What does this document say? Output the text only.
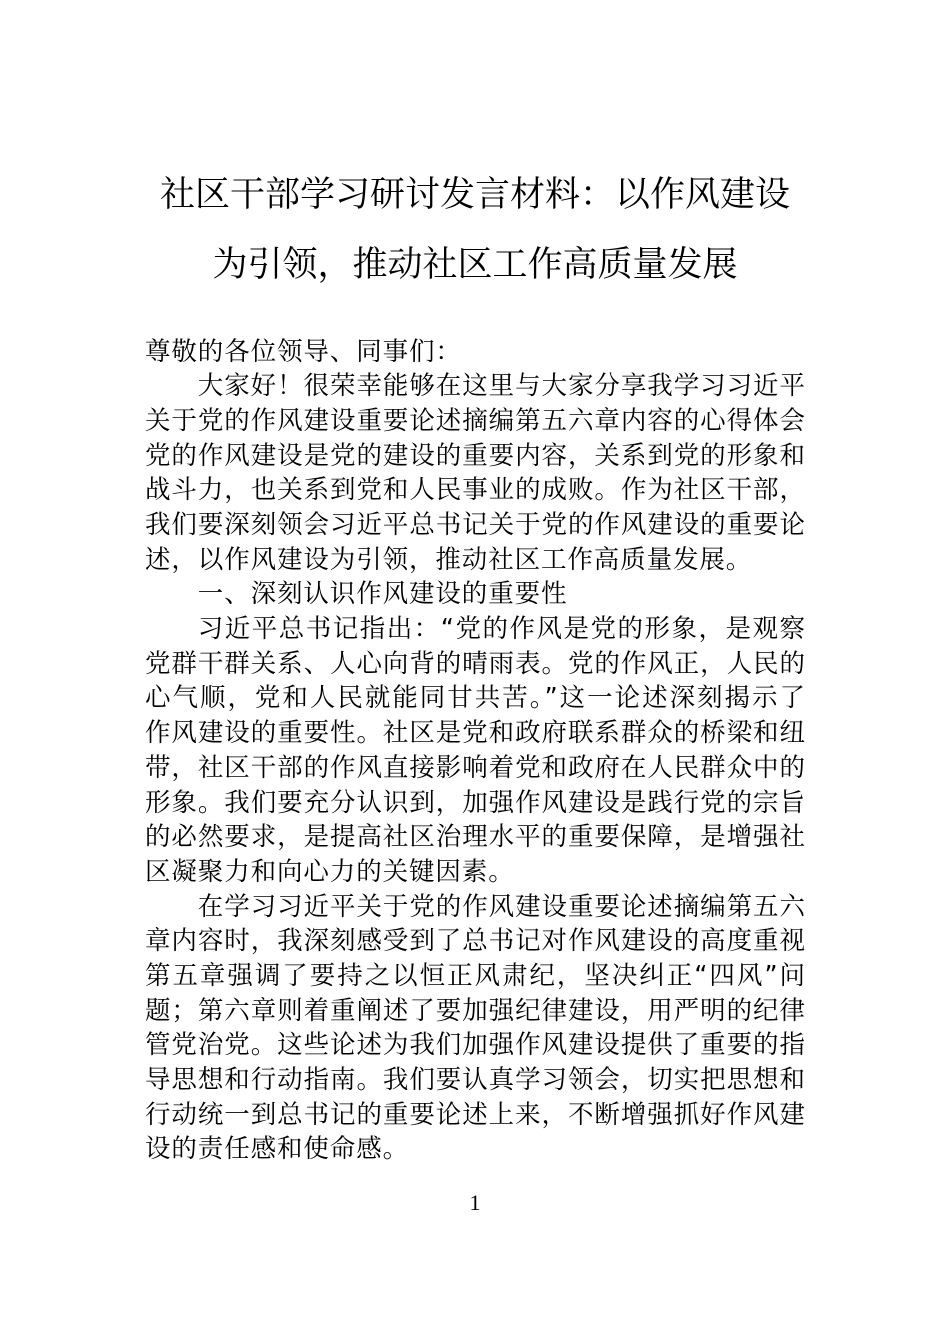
社区干部学习研讨发言材料：以作风建设
为引领，推动社区工作高质量发展
尊敬的各位领导、同事们：
大家好！很荣幸能够在这里与大家分享我学习习近平
关于党的作风建设重要论述摘编第五六章内容的心得体会
党的作风建设是党的建设的重要内容，关系到党的形象和
战斗力，也关系到党和人民事业的成败。作为社区干部，
我们要深刻领会习近平总书记关于党的作风建设的重要论
述，以作风建设为引领，推动社区工作高质量发展。
一、深刻认识作风建设的重要性
习近平总书记指出：“党的作风是党的形象，是观察
党群干群关系、人心向背的晴雨表。党的作风正，人民的
心气顺，党和人民就能同甘共苦。”这一论述深刻揭示了
作风建设的重要性。社区是党和政府联系群众的桥梁和纽
带，社区干部的作风直接影响着党和政府在人民群众中的
形象。我们要充分认识到，加强作风建设是践行党的宗旨
的必然要求，是提高社区治理水平的重要保障，是增强社
区凝聚力和向心力的关键因素。
在学习习近平关于党的作风建设重要论述摘编第五六
章内容时，我深刻感受到了总书记对作风建设的高度重视
第五章强调了要持之以恒正风肃纪，坚决纠正“四风”问
题；第六章则着重阐述了要加强纪律建设，用严明的纪律
管党治党。这些论述为我们加强作风建设提供了重要的指
导思想和行动指南。我们要认真学习领会，切实把思想和
行动统一到总书记的重要论述上来，不断增强抓好作风建
设的责任感和使命感。
1
